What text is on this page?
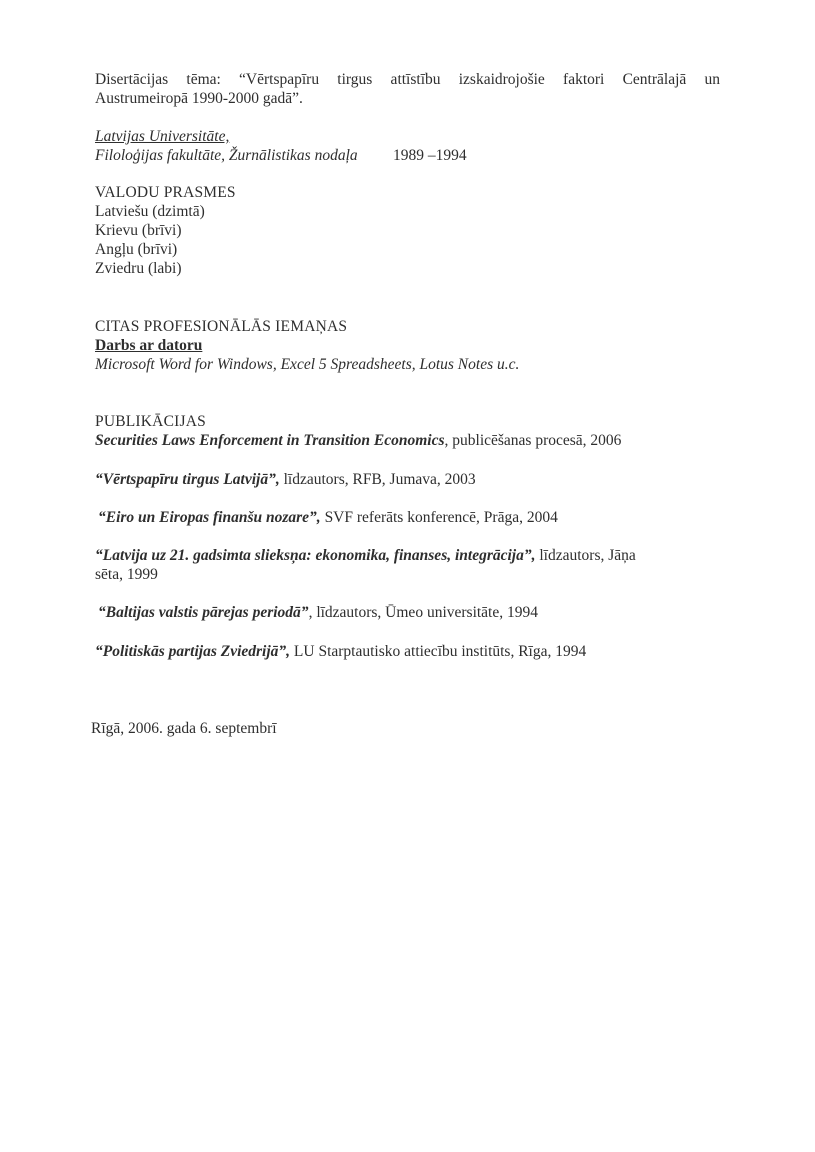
Disertācijas tēma: “Vērtspapīru tirgus attīstību izskaidrojošie faktori Centrālajā un
Austrumeiropā 1990-2000 gadā”.
Latvijas Universitāte,
Filoloģijas fakultāte, Žurnālistikas nodaļa 1989 –1994
VALODU PRASMES
Latviešu (dzimtā)
Krievu (brīvi)
Angļu (brīvi)
Zviedru (labi)
CITAS PROFESIONĀLĀS IEMAŅAS
Darbs ar datoru
Microsoft Word for Windows, Excel 5 Spreadsheets, Lotus Notes u.c.
PUBLIKĀCIJAS
Securities Laws Enforcement in Transition Economics, publicēšanas procesā, 2006
“Vērtspapīru tirgus Latvijā”, līdzautors, RFB, Jumava, 2003
“Eiro un Eiropas finanšu nozare”, SVF referāts konferencē, Prāga, 2004
“Latvija uz 21. gadsimta slieksņa: ekonomika, finanses, integrācija”, līdzautors, Jāņa
sēta, 1999
“Baltijas valstis pārejas periodā”, līdzautors, Ūmeo universitāte, 1994
“Politiskās partijas Zviedrijā”, LU Starptautisko attiecību institūts, Rīga, 1994
Rīgā, 2006. gada 6. septembrī
